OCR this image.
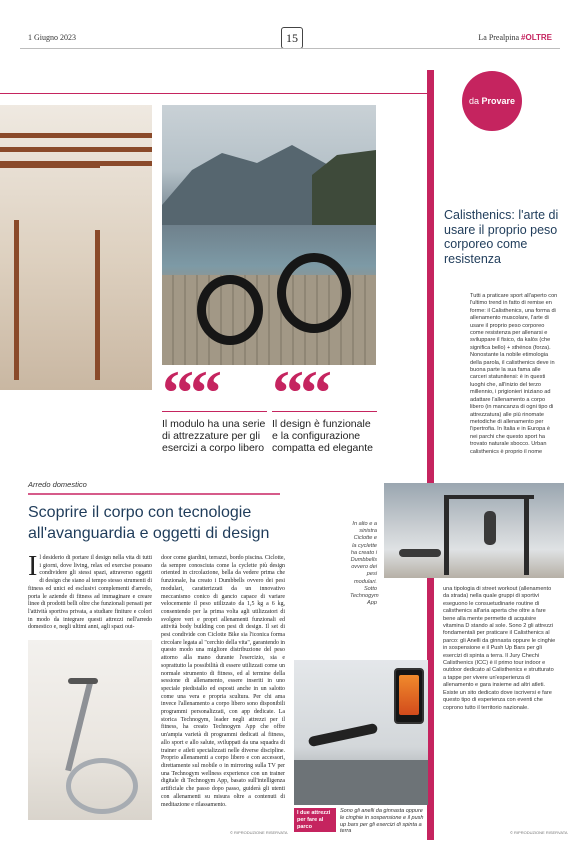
1 Giugno 2023	15	La Prealpina #OLTRE
da Provare
““
Il modulo ha una serie di attrezzature per gli esercizi a corpo libero
““
Il design è funzionale e la configurazione compatta ed elegante
Calisthenics: l'arte di usare il proprio peso corporeo come resistenza
Tutti a praticare sport all'aperto con l'ultimo trend in fatto di remise en forme: il Calisthenics, una forma di allenamento muscolare, l'arte di usare il proprio peso corporeo come resistenza per allenarsi e sviluppare il fisico, da kalòs (che significa bello) + sthénos (forza). Nonostante la nobile etimologia della parola, il calisthenics deve in buona parte la sua fama alle carceri statunitensi: è in questi luoghi che, all'inizio del terzo millennio, i prigionieri iniziano ad adattare l'allenamento a corpo libero (in mancanza di ogni tipo di attrezzatura) alle più rinomate metodiche di allenamento per l'ipertrofia. In Italia e in Europa è nei parchi che questo sport ha trovato naturale sbocco. Urban calisthenics è proprio il nome
In alto e a sinistra Ciclotte e la cyclette ha creato i Dumbbells ovvero dei pesi modulari. Sotto Technogym App
una tipologia di street workout (allenamento da strada) nella quale gruppi di sportivi eseguono le consuetudinarie routine di calisthenics all'aria aperta che oltre a fare bene alla mente permette di acquisire vitamina D stando al sole. Sono 2 gli attrezzi fondamentali per praticare il Calisthenics al parco: gli Anelli da ginnasta oppure le cinghie in sospensione e il Push Up Bars per gli esercizi di spinta a terra. Il Jury Chechi Calisthenics (ICC) è il primo tour indoor e outdoor dedicato al Calisthenics e strutturato a tappe per vivere un'esperienza di allenamento e gara insieme ad altri atleti. Esiste un sito dedicato dove iscriversi e fare questo tipo di esperienza con eventi che coprono tutto il territorio nazionale.
Arredo domestico
Scoprire il corpo con tecnologie all'avanguardia e oggetti di design
Il desiderio di portare il design nella vita di tutti i giorni, dove living, relax ed exercise possano condividere gli stessi spazi, attraverso oggetti di design che siano al tempo stesso strumenti di fitness ed unici ed esclusivi complementi d'arredo, porta le aziende di fitness ad immaginare e creare linee di prodotti belli oltre che funzionali pensati per l'attività sportiva privata, a studiare finiture e colori in modo da integrare questi attrezzi nell'arredo domestico e, negli ultimi anni, agli spazi out-
door come giardini, terrazzi, bordo piscina. Ciclotte, da sempre conosciuta come la cyclette più design oriented in circolazione, bella da vedere prima che funzionale, ha creato i Dumbbells ovvero dei pesi modulari, caratterizzati da un innovativo meccanismo conico di gancio capace di variare velocemente il peso utilizzato da 1,5 kg a 6 kg, consentendo per la prima volta agli utilizzatori di svolgere veri e propri allenamenti funzionali ed attività body building con pesi di design. Il set di pesi condivide con Ciclotte Bike sia l'iconica forma circolare legata al "cerchio della vita", garantendo in questo modo una migliore distribuzione del peso attorno alla mano durante l'esercizio, sia e soprattutto la possibilità di essere utilizzati come un normale strumento di fitness, ed al termine della sessione di allenamento, essere inseriti in uno speciale piedistallo ed esposti anche in un salotto come una vera e propria scultura. Per chi ama invece l'allenamento a corpo libero sono disponibili programmi personalizzati, con app dedicate. La storica Technogym, leader negli attrezzi per il fitness, ha creato Technogym App che offre un'ampia varietà di programmi dedicati al fitness, allo sport e allo salute, sviluppati da una squadra di trainer e atleti specializzati nelle diverse discipline. Proprio allenamenti a corpo libero e con accessori, direttamente sul mobile o in mirroring sulla TV per una Technogym wellness experience con un trainer digitale di Technogym App, basato sull'intelligenza artificiale che passo dopo passo, guiderà gli utenti con allenamenti su misura oltre a contenuti di meditazione e rilassamento.
I due attrezzi per fare al parco
Sono gli anelli da ginnasta oppure le cinghie in sospensione e il push up bars per gli esercizi di spinta a terra
© RIPRODUZIONE RISERVATA	© RIPRODUZIONE RISERVATA
